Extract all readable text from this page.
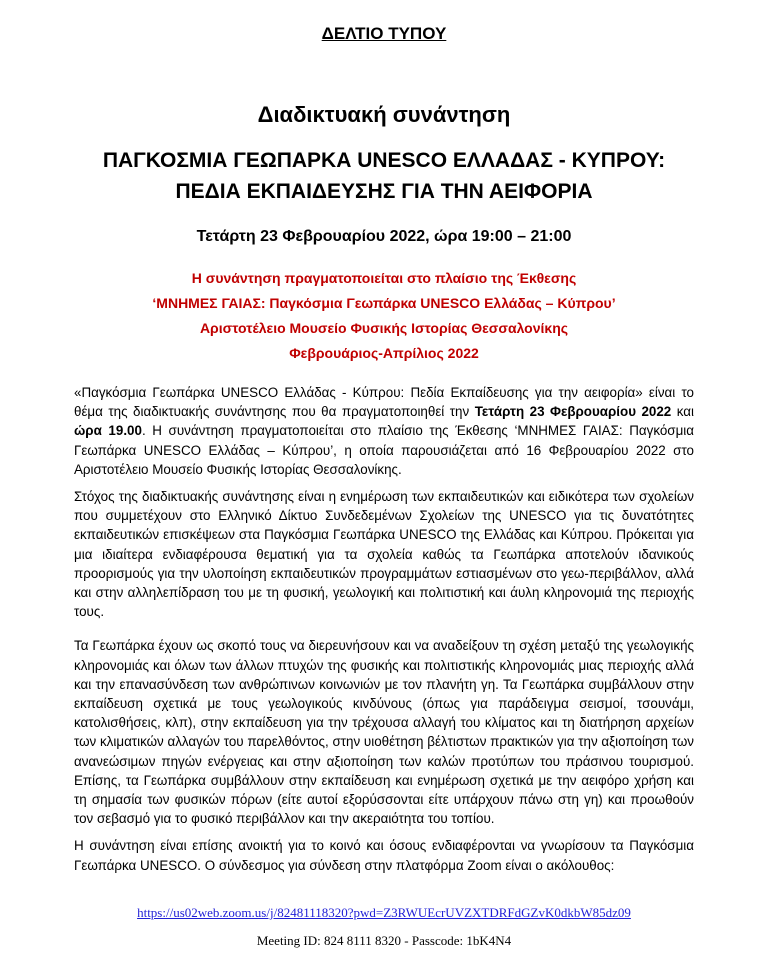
ΔΕΛΤΙΟ ΤΥΠΟΥ
Διαδικτυακή συνάντηση
ΠΑΓΚΟΣΜΙΑ ΓΕΩΠΑΡΚΑ UNESCO ΕΛΛΑΔΑΣ - ΚΥΠΡΟΥ:
ΠΕΔΙΑ ΕΚΠΑΙΔΕΥΣΗΣ ΓΙΑ ΤΗΝ ΑΕΙΦΟΡΙΑ
Τετάρτη 23 Φεβρουαρίου 2022, ώρα 19:00 – 21:00
Η συνάντηση πραγματοποιείται στο πλαίσιο της Έκθεσης
‘ΜΝΗΜΕΣ ΓΑΙΑΣ: Παγκόσμια Γεωπάρκα UNESCO Ελλάδας – Κύπρου’
Αριστοτέλειο Μουσείο Φυσικής Ιστορίας Θεσσαλονίκης
Φεβρουάριος-Απρίλιος 2022

«Παγκόσμια Γεωπάρκα UNESCO Ελλάδας - Κύπρου: Πεδία Εκπαίδευσης για την αειφορία» είναι το θέμα της διαδικτυακής συνάντησης που θα πραγματοποιηθεί την Τετάρτη 23 Φεβρουαρίου 2022 και ώρα 19.00. Η συνάντηση πραγματοποιείται στο πλαίσιο της Έκθεσης ‘ΜΝΗΜΕΣ ΓΑΙΑΣ: Παγκόσμια Γεωπάρκα UNESCO Ελλάδας – Κύπρου’, η οποία παρουσιάζεται από 16 Φεβρουαρίου 2022 στο Αριστοτέλειο Μουσείο Φυσικής Ιστορίας Θεσσαλονίκης.

Στόχος της διαδικτυακής συνάντησης είναι η ενημέρωση των εκπαιδευτικών και ειδικότερα των σχολείων που συμμετέχουν στο Ελληνικό Δίκτυο Συνδεδεμένων Σχολείων της UNESCO για τις δυνατότητες εκπαιδευτικών επισκέψεων στα Παγκόσμια Γεωπάρκα UNESCO της Ελλάδας και Κύπρου. Πρόκειται για μια ιδιαίτερα ενδιαφέρουσα θεματική για τα σχολεία καθώς τα Γεωπάρκα αποτελούν ιδανικούς προορισμούς για την υλοποίηση εκπαιδευτικών προγραμμάτων εστιασμένων στο γεω-περιβάλλον, αλλά και στην αλληλεπίδραση του με τη φυσική, γεωλογική και πολιτιστική και άυλη κληρονομιά της περιοχής τους.

Τα Γεωπάρκα έχουν ως σκοπό τους να διερευνήσουν και να αναδείξουν τη σχέση μεταξύ της γεωλογικής κληρονομιάς και όλων των άλλων πτυχών της φυσικής και πολιτιστικής κληρονομιάς μιας περιοχής αλλά και την επανασύνδεση των ανθρώπινων κοινωνιών με τον πλανήτη γη. Τα Γεωπάρκα συμβάλλουν στην εκπαίδευση σχετικά με τους γεωλογικούς κινδύνους (όπως για παράδειγμα σεισμοί, τσουνάμι, κατολισθήσεις, κλπ), στην εκπαίδευση για την τρέχουσα αλλαγή του κλίματος και τη διατήρηση αρχείων των κλιματικών αλλαγών του παρελθόντος, στην υιοθέτηση βέλτιστων πρακτικών για την αξιοποίηση των ανανεώσιμων πηγών ενέργειας και στην αξιοποίηση των καλών προτύπων του πράσινου τουρισμού. Επίσης, τα Γεωπάρκα συμβάλλουν στην εκπαίδευση και ενημέρωση σχετικά με την αειφόρο χρήση και τη σημασία των φυσικών πόρων (είτε αυτοί εξορύσσονται είτε υπάρχουν πάνω στη γη) και προωθούν τον σεβασμό για το φυσικό περιβάλλον και την ακεραιότητα του τοπίου.

Η συνάντηση είναι επίσης ανοικτή για το κοινό και όσους ενδιαφέρονται να γνωρίσουν τα Παγκόσμια Γεωπάρκα UNESCO. Ο σύνδεσμος για σύνδεση στην πλατφόρμα Zoom είναι ο ακόλουθος:

https://us02web.zoom.us/j/82481118320?pwd=Z3RWUEcrUVZXTDRFdGZvK0dkbW85dz09
Meeting ID: 824 8111 8320 - Passcode: 1bK4N4
